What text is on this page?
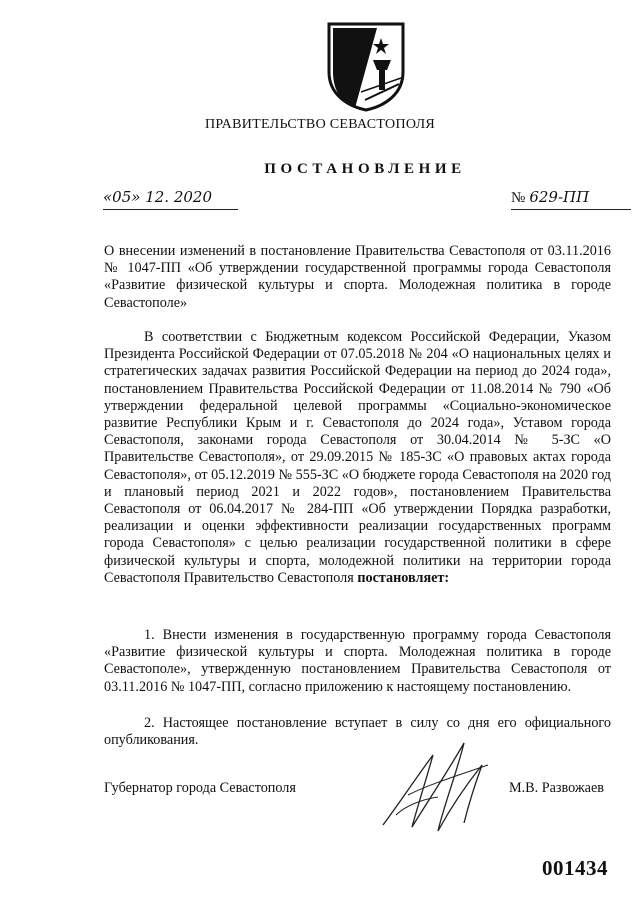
ПРАВИТЕЛЬСТВО СЕВАСТОПОЛЯ
ПОСТАНОВЛЕНИЕ
«05» 12. 2020	№ 629-ПП
О внесении изменений в постановление Правительства Севастополя от 03.11.2016 № 1047-ПП «Об утверждении государственной программы города Севастополя «Развитие физической культуры и спорта. Молодежная политика в городе Севастополе»
В соответствии с Бюджетным кодексом Российской Федерации, Указом Президента Российской Федерации от 07.05.2018 № 204 «О национальных целях и стратегических задачах развития Российской Федерации на период до 2024 года», постановлением Правительства Российской Федерации от 11.08.2014 № 790 «Об утверждении федеральной целевой программы «Социально-экономическое развитие Республики Крым и г. Севастополя до 2024 года», Уставом города Севастополя, законами города Севастополя от 30.04.2014 № 5-ЗС «О Правительстве Севастополя», от 29.09.2015 № 185-ЗС «О правовых актах города Севастополя», от 05.12.2019 № 555-ЗС «О бюджете города Севастополя на 2020 год и плановый период 2021 и 2022 годов», постановлением Правительства Севастополя от 06.04.2017 № 284-ПП «Об утверждении Порядка разработки, реализации и оценки эффективности реализации государственных программ города Севастополя» с целью реализации государственной политики в сфере физической культуры и спорта, молодежной политики на территории города Севастополя Правительство Севастополя постановляет:
1. Внести изменения в государственную программу города Севастополя «Развитие физической культуры и спорта. Молодежная политика в городе Севастополе», утвержденную постановлением Правительства Севастополя от 03.11.2016 № 1047-ПП, согласно приложению к настоящему постановлению.
2. Настоящее постановление вступает в силу со дня его официального опубликования.
Губернатор города Севастополя	М.В. Развожаев
001434
